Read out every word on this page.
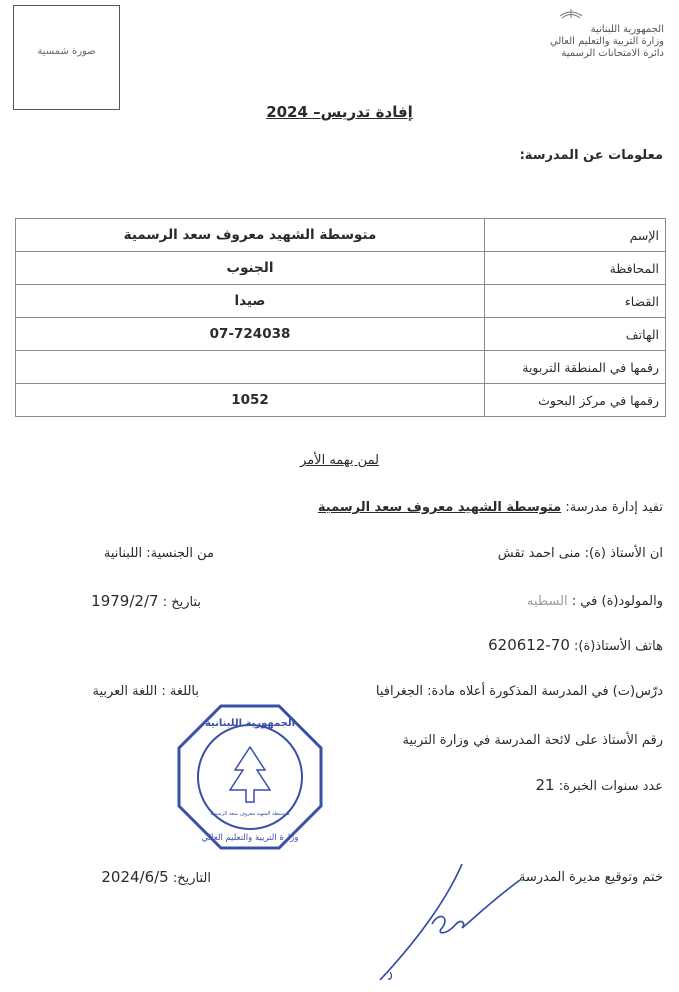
صورة شمسية
الجمهورية اللبنانية
وزارة التربية والتعليم العالي
دائرة الامتحانات الرسمية
إفادة تدريس– 2024
معلومات عن المدرسة:
الإسم	متوسطة الشهيد معروف سعد الرسمية
المحافظة	الجنوب
القضاء	صيدا
الهاتف	07-724038
رقمها في المنطقة التربوية	
رقمها في مركز البحوث	1052
لمن يهمه الأمر
تفيد إدارة مدرسة: متوسطة الشهيد معروف سعد الرسمية
ان الأستاذ (ة): منى احمد تقش
من الجنسية: اللبنانية
والمولود(ة) في : السطيه
بتاريخ : 1979/2/7
هاتف الأستاذ(ة): 70-620612
درّس(ت) في المدرسة المذكورة أعلاه مادة: الجغرافيا
باللغة : اللغة العربية
رقم الأستاذ على لائحة المدرسة في وزارة التربية
عدد سنوات الخبرة: 21
ختم وتوقيع مديرة المدرسة
التاريخ: 2024/6/5
الجمهورية اللبنانية
متوسطة الشهيد معروف سعد الرسمية
وزارة التربية والتعليم العالي
